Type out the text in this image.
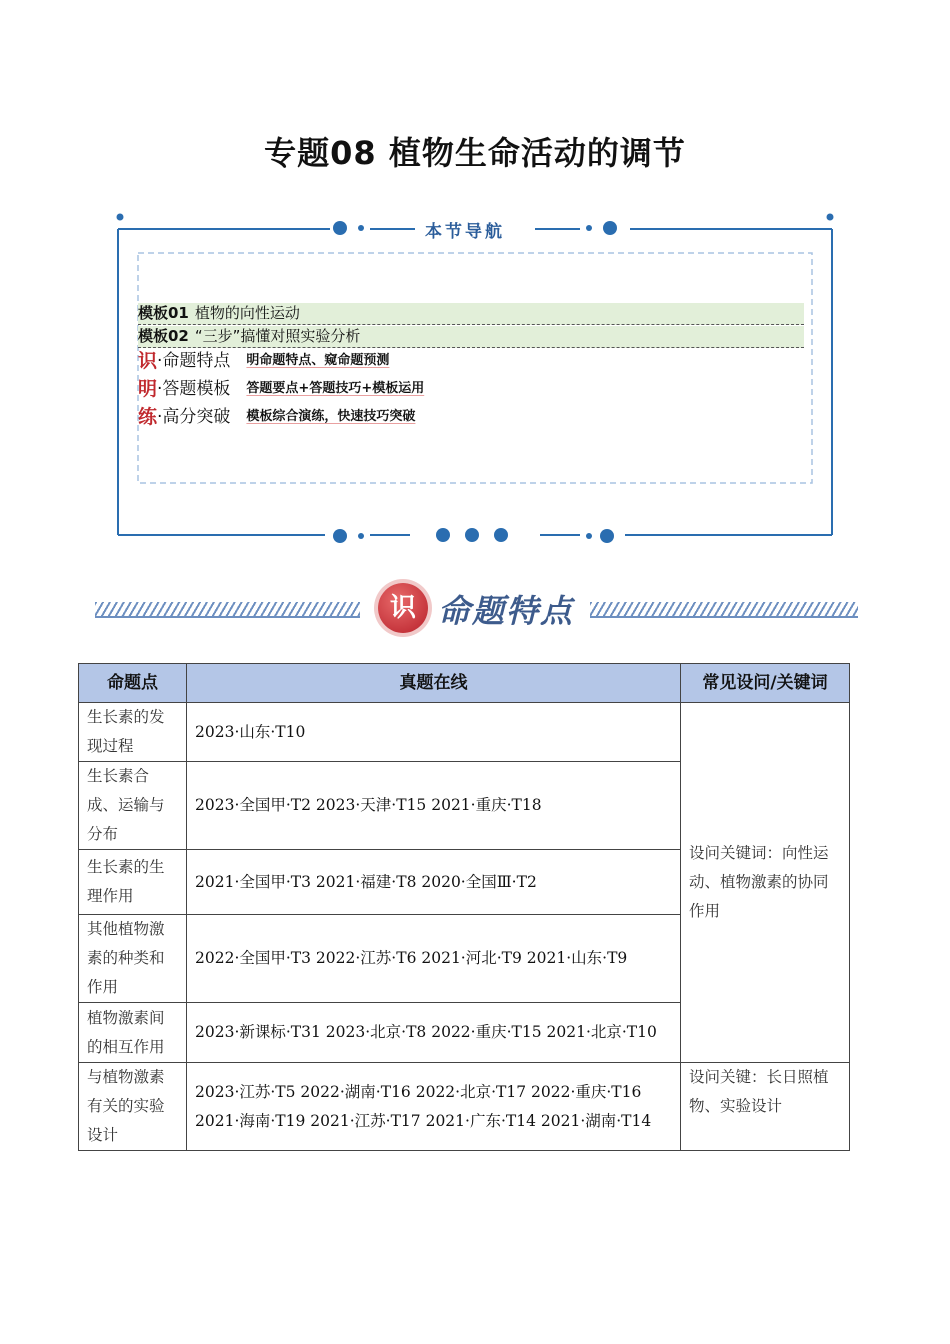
专题08 植物生命活动的调节
本节导航
模板01 植物的向性运动
模板02 “三步”搞懂对照实验分析
识 ·命题特点 明命题特点、窥命题预测
明 ·答题模板 答题要点+答题技巧+模板运用
练 ·高分突破 模板综合演练，快速技巧突破
识 命题特点
命题点	真题在线	常见设问/关键词
生长素的发现过程	2023·山东·T10	设问关键词：向性运动、植物激素的协同作用
生长素合成、运输与分布	2023·全国甲·T2 2023·天津·T15 2021·重庆·T18	
生长素的生理作用	2021·全国甲·T3 2021·福建·T8 2020·全国Ⅲ·T2	
其他植物激素的种类和作用	2022·全国甲·T3 2022·江苏·T6 2021·河北·T9 2021·山东·T9	
植物激素间的相互作用	2023·新课标·T31 2023·北京·T8 2022·重庆·T15 2021·北京·T10	
与植物激素有关的实验设计	2023·江苏·T5 2022·湖南·T16 2022·北京·T17 2022·重庆·T16 2021·海南·T19 2021·江苏·T17 2021·广东·T14 2021·湖南·T14	设问关键：长日照植物、实验设计
